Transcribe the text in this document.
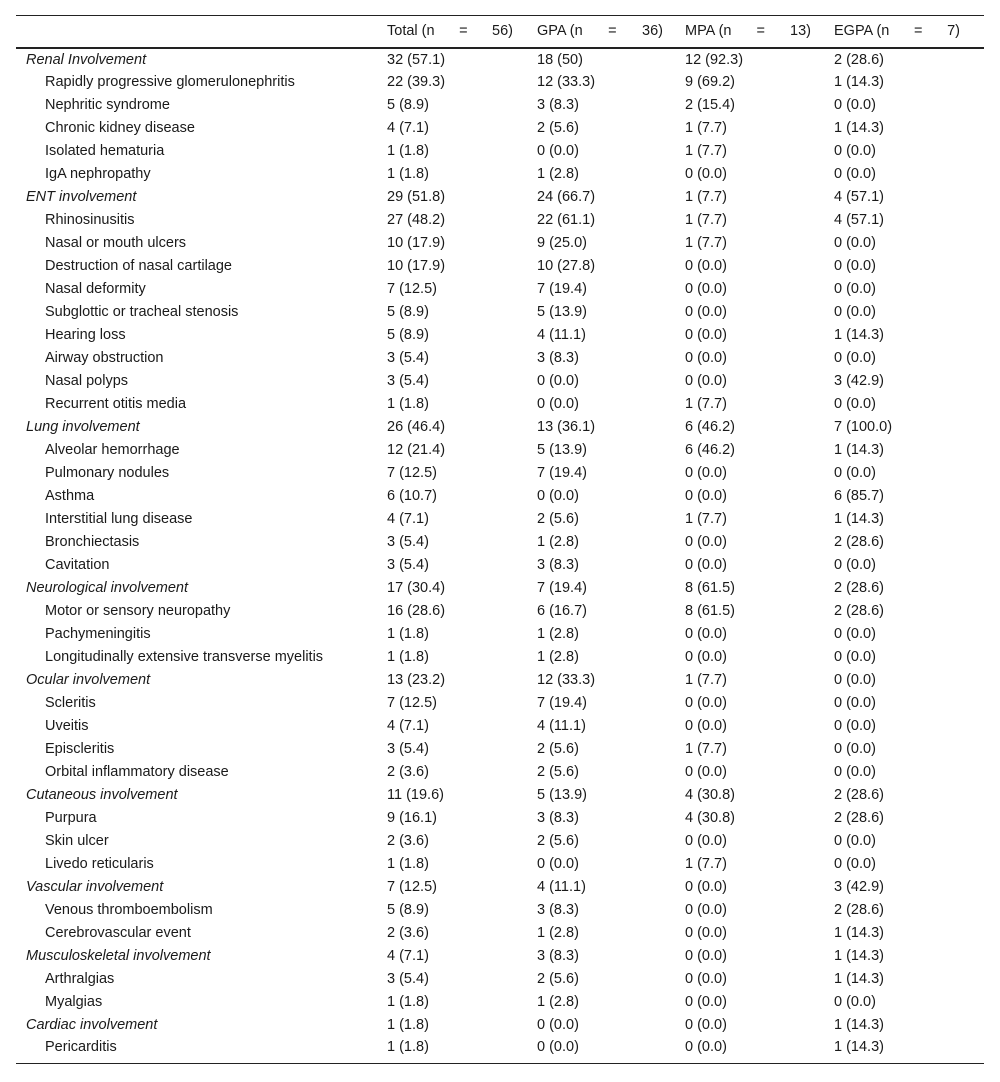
	Total (n = 56)	GPA (n = 36)	MPA (n = 13)	EGPA (n = 7)

Renal Involvement	32 (57.1)	18 (50)	12 (92.3)	2 (28.6)
Rapidly progressive glomerulonephritis	22 (39.3)	12 (33.3)	9 (69.2)	1 (14.3)
Nephritic syndrome	5 (8.9)	3 (8.3)	2 (15.4)	0 (0.0)
Chronic kidney disease	4 (7.1)	2 (5.6)	1 (7.7)	1 (14.3)
Isolated hematuria	1 (1.8)	0 (0.0)	1 (7.7)	0 (0.0)
IgA nephropathy	1 (1.8)	1 (2.8)	0 (0.0)	0 (0.0)
ENT involvement	29 (51.8)	24 (66.7)	1 (7.7)	4 (57.1)
Rhinosinusitis	27 (48.2)	22 (61.1)	1 (7.7)	4 (57.1)
Nasal or mouth ulcers	10 (17.9)	9 (25.0)	1 (7.7)	0 (0.0)
Destruction of nasal cartilage	10 (17.9)	10 (27.8)	0 (0.0)	0 (0.0)
Nasal deformity	7 (12.5)	7 (19.4)	0 (0.0)	0 (0.0)
Subglottic or tracheal stenosis	5 (8.9)	5 (13.9)	0 (0.0)	0 (0.0)
Hearing loss	5 (8.9)	4 (11.1)	0 (0.0)	1 (14.3)
Airway obstruction	3 (5.4)	3 (8.3)	0 (0.0)	0 (0.0)
Nasal polyps	3 (5.4)	0 (0.0)	0 (0.0)	3 (42.9)
Recurrent otitis media	1 (1.8)	0 (0.0)	1 (7.7)	0 (0.0)
Lung involvement	26 (46.4)	13 (36.1)	6 (46.2)	7 (100.0)
Alveolar hemorrhage	12 (21.4)	5 (13.9)	6 (46.2)	1 (14.3)
Pulmonary nodules	7 (12.5)	7 (19.4)	0 (0.0)	0 (0.0)
Asthma	6 (10.7)	0 (0.0)	0 (0.0)	6 (85.7)
Interstitial lung disease	4 (7.1)	2 (5.6)	1 (7.7)	1 (14.3)
Bronchiectasis	3 (5.4)	1 (2.8)	0 (0.0)	2 (28.6)
Cavitation	3 (5.4)	3 (8.3)	0 (0.0)	0 (0.0)
Neurological involvement	17 (30.4)	7 (19.4)	8 (61.5)	2 (28.6)
Motor or sensory neuropathy	16 (28.6)	6 (16.7)	8 (61.5)	2 (28.6)
Pachymeningitis	1 (1.8)	1 (2.8)	0 (0.0)	0 (0.0)
Longitudinally extensive transverse myelitis	1 (1.8)	1 (2.8)	0 (0.0)	0 (0.0)
Ocular involvement	13 (23.2)	12 (33.3)	1 (7.7)	0 (0.0)
Scleritis	7 (12.5)	7 (19.4)	0 (0.0)	0 (0.0)
Uveitis	4 (7.1)	4 (11.1)	0 (0.0)	0 (0.0)
Episcleritis	3 (5.4)	2 (5.6)	1 (7.7)	0 (0.0)
Orbital inflammatory disease	2 (3.6)	2 (5.6)	0 (0.0)	0 (0.0)
Cutaneous involvement	11 (19.6)	5 (13.9)	4 (30.8)	2 (28.6)
Purpura	9 (16.1)	3 (8.3)	4 (30.8)	2 (28.6)
Skin ulcer	2 (3.6)	2 (5.6)	0 (0.0)	0 (0.0)
Livedo reticularis	1 (1.8)	0 (0.0)	1 (7.7)	0 (0.0)
Vascular involvement	7 (12.5)	4 (11.1)	0 (0.0)	3 (42.9)
Venous thromboembolism	5 (8.9)	3 (8.3)	0 (0.0)	2 (28.6)
Cerebrovascular event	2 (3.6)	1 (2.8)	0 (0.0)	1 (14.3)
Musculoskeletal involvement	4 (7.1)	3 (8.3)	0 (0.0)	1 (14.3)
Arthralgias	3 (5.4)	2 (5.6)	0 (0.0)	1 (14.3)
Myalgias	1 (1.8)	1 (2.8)	0 (0.0)	0 (0.0)
Cardiac involvement	1 (1.8)	0 (0.0)	0 (0.0)	1 (14.3)
Pericarditis	1 (1.8)	0 (0.0)	0 (0.0)	1 (14.3)
